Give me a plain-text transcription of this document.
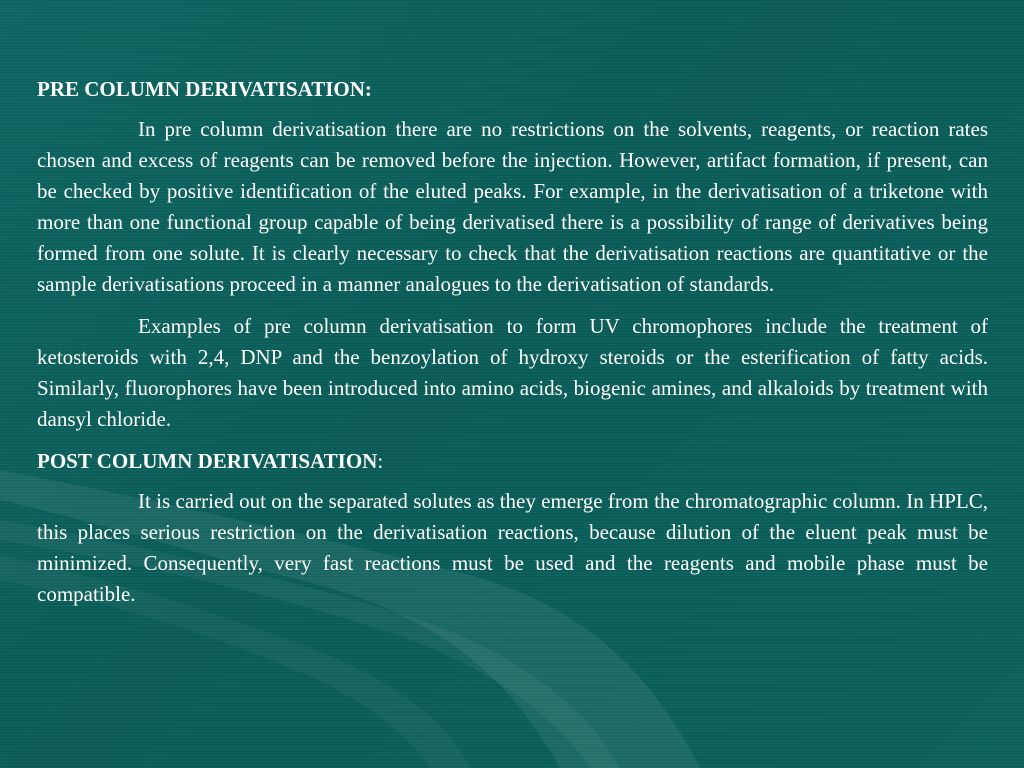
PRE COLUMN DERIVATISATION:

In pre column derivatisation there are no restrictions on the solvents, reagents, or reaction rates chosen and excess of reagents can be removed before the injection. However, artifact formation, if present, can be checked by positive identification of the eluted peaks. For example, in the derivatisation of a triketone with more than one functional group capable of being derivatised there is a possibility of range of derivatives being formed from one solute. It is clearly necessary to check that the derivatisation reactions are quantitative or the sample derivatisations proceed in a manner analogues to the derivatisation of standards.

Examples of pre column derivatisation to form UV chromophores include the treatment of ketosteroids with 2,4, DNP and the benzoylation of hydroxy steroids or the esterification of fatty acids. Similarly, fluorophores have been introduced into amino acids, biogenic amines, and alkaloids by treatment with dansyl chloride.

POST COLUMN DERIVATISATION:

It is carried out on the separated solutes as they emerge from the chromatographic column. In HPLC, this places serious restriction on the derivatisation reactions, because dilution of the eluent peak must be minimized. Consequently, very fast reactions must be used and the reagents and mobile phase must be compatible.
